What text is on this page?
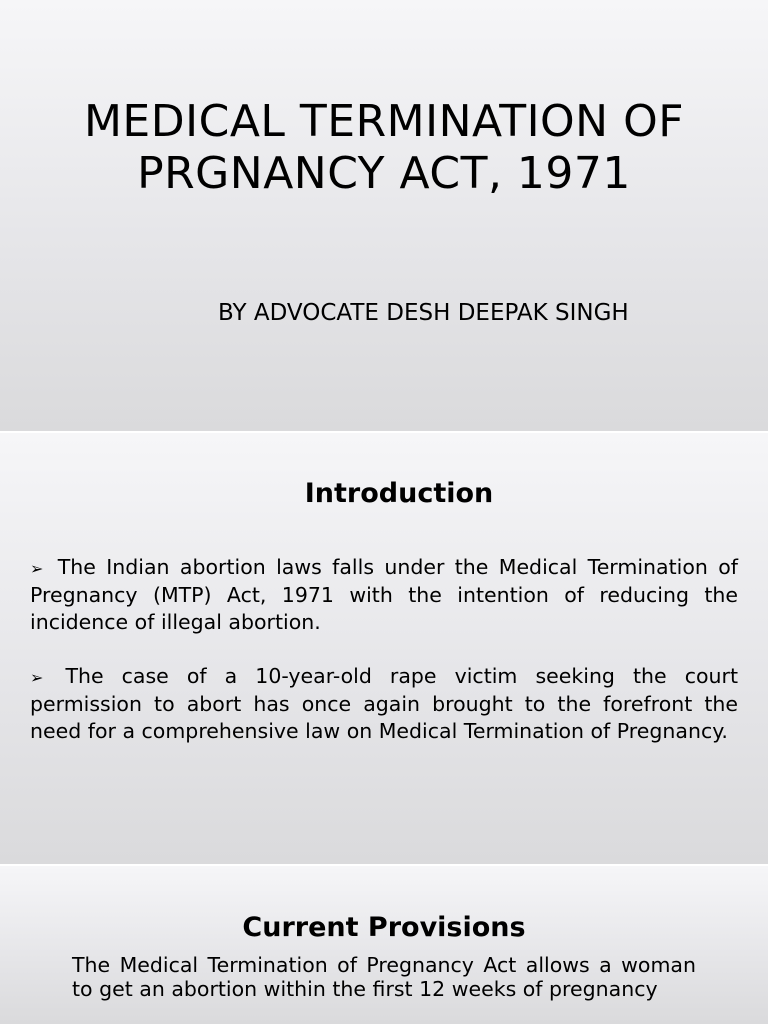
MEDICAL TERMINATION OF
PRGNANCY ACT, 1971

BY ADVOCATE DESH DEEPAK SINGH

Introduction

➢ The Indian abortion laws falls under the Medical Termination of Pregnancy (MTP) Act, 1971 with the intention of reducing the incidence of illegal abortion.

➢ The case of a 10-year-old rape victim seeking the court permission to abort has once again brought to the forefront the need for a comprehensive law on Medical Termination of Pregnancy.

Current Provisions

The Medical Termination of Pregnancy Act allows a woman to get an abortion within the first 12 weeks of pregnancy
